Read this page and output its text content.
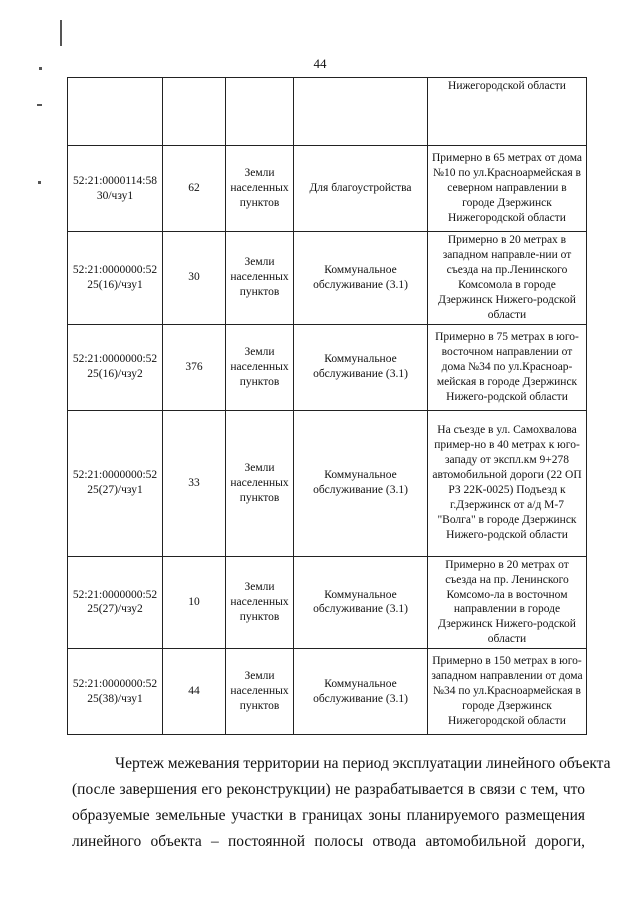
44
				Нижегородской области
52:21:0000114:5830/чзу1	62	Земли населенных пунктов	Для благоустройства	Примерно в 65 метрах от дома №10 по ул.Красноармейская в северном направлении в городе Дзержинск Нижегородской области
52:21:0000000:5225(16)/чзу1	30	Земли населенных пунктов	Коммунальное обслуживание (3.1)	Примерно в 20 метрах в западном направле-нии от съезда на пр.Ленинского Комсомола в городе Дзержинск Нижего-родской области
52:21:0000000:5225(16)/чзу2	376	Земли населенных пунктов	Коммунальное обслуживание (3.1)	Примерно в 75 метрах в юго-восточном направлении от дома №34 по ул.Красноар-мейская в городе Дзержинск Нижего-родской области
52:21:0000000:5225(27)/чзу1	33	Земли населенных пунктов	Коммунальное обслуживание (3.1)	На съезде в ул. Самохвалова пример-но в 40 метрах к юго-западу от экспл.км 9+278 автомобильной дороги (22 ОП РЗ 22К-0025) Подъезд к г.Дзержинск от а/д М-7 "Волга" в городе Дзержинск Нижего-родской области
52:21:0000000:5225(27)/чзу2	10	Земли населенных пунктов	Коммунальное обслуживание (3.1)	Примерно в 20 метрах от съезда на пр. Ленинского Комсомо-ла в восточном направлении в городе Дзержинск Нижего-родской области
52:21:0000000:5225(38)/чзу1	44	Земли населенных пунктов	Коммунальное обслуживание (3.1)	Примерно в 150 метрах в юго-западном направлении от дома №34 по ул.Красноармейская в городе Дзержинск Нижегородской области
Чертеж межевания территории на период эксплуатации линейного объекта
(после завершения его реконструкции) не разрабатывается в связи с тем, что
образуемые земельные участки в границах зоны планируемого размещения
линейного объекта – постоянной полосы отвода автомобильной дороги,
